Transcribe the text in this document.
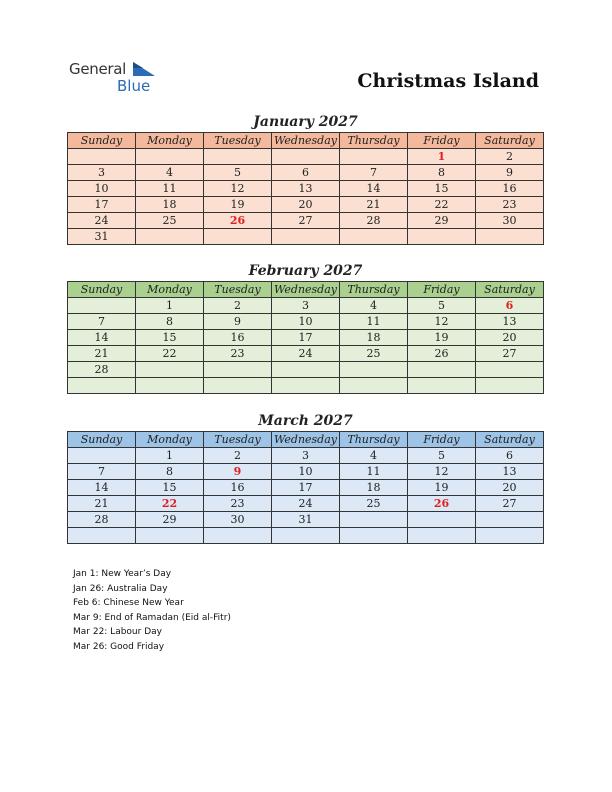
General
Blue	Christmas Island
January 2027
Sunday	Monday	Tuesday	Wednesday	Thursday	Friday	Saturday
					1	2
3	4	5	6	7	8	9
10	11	12	13	14	15	16
17	18	19	20	21	22	23
24	25	26	27	28	29	30
31						
February 2027
Sunday	Monday	Tuesday	Wednesday	Thursday	Friday	Saturday
	1	2	3	4	5	6
7	8	9	10	11	12	13
14	15	16	17	18	19	20
21	22	23	24	25	26	27
28						

March 2027
Sunday	Monday	Tuesday	Wednesday	Thursday	Friday	Saturday
	1	2	3	4	5	6
7	8	9	10	11	12	13
14	15	16	17	18	19	20
21	22	23	24	25	26	27
28	29	30	31			

Jan 1: New Year’s Day
Jan 26: Australia Day
Feb 6: Chinese New Year
Mar 9: End of Ramadan (Eid al-Fitr)
Mar 22: Labour Day
Mar 26: Good Friday
